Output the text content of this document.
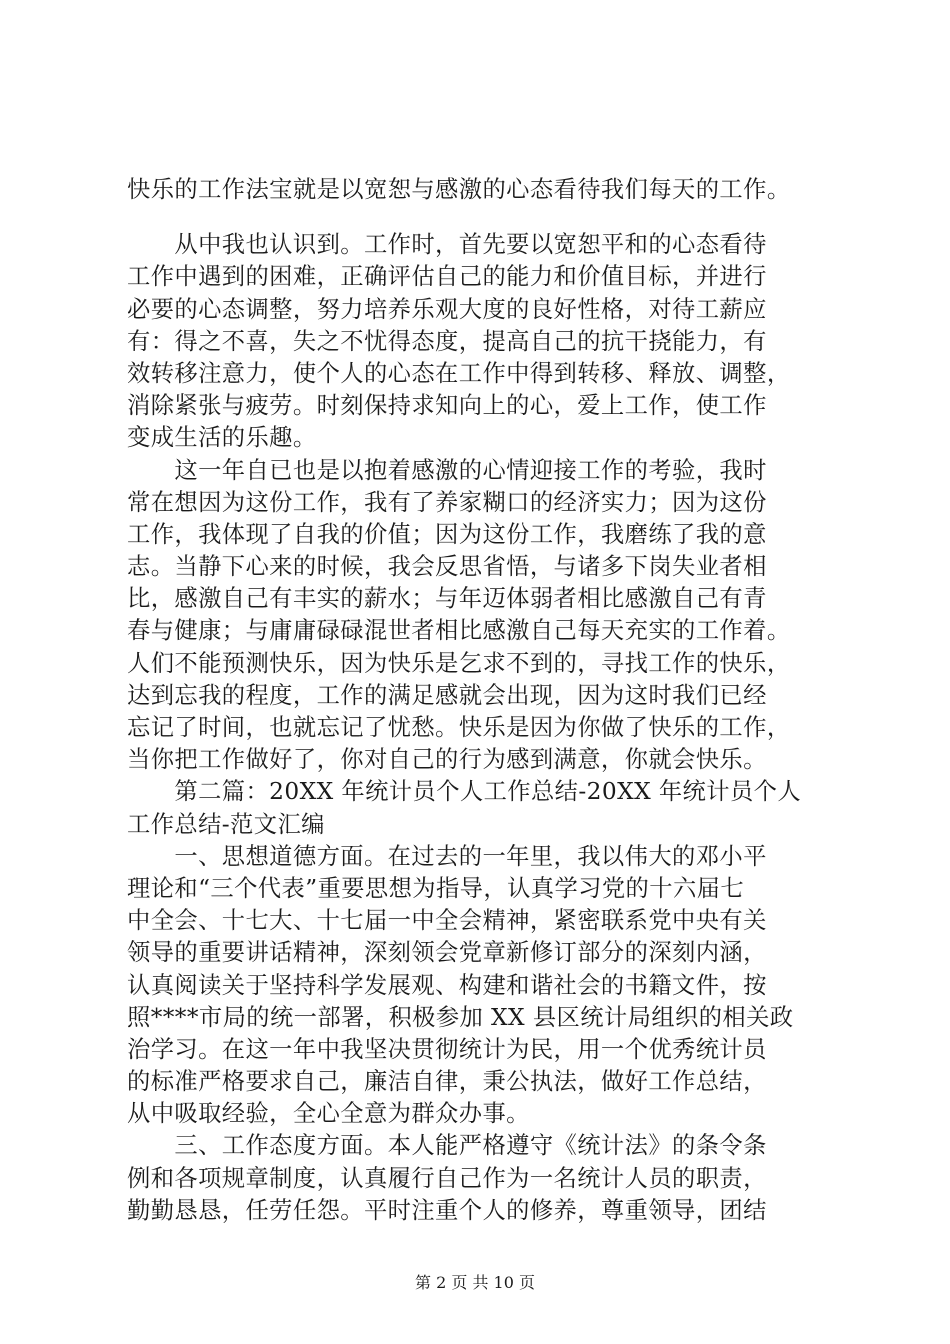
快乐的工作法宝就是以宽恕与感激的心态看待我们每天的工作。
　　从中我也认识到。工作时，首先要以宽恕平和的心态看待
工作中遇到的困难，正确评估自己的能力和价值目标，并进行
必要的心态调整，努力培养乐观大度的良好性格，对待工薪应
有：得之不喜，失之不忧得态度，提高自己的抗干挠能力，有
效转移注意力，使个人的心态在工作中得到转移、释放、调整，
消除紧张与疲劳。时刻保持求知向上的心，爱上工作，使工作
变成生活的乐趣。
　　这一年自已也是以抱着感激的心情迎接工作的考验，我时
常在想因为这份工作，我有了养家糊口的经济实力；因为这份
工作，我体现了自我的价值；因为这份工作，我磨练了我的意
志。当静下心来的时候，我会反思省悟，与诸多下岗失业者相
比，感激自己有丰实的薪水；与年迈体弱者相比感激自己有青
春与健康；与庸庸碌碌混世者相比感激自己每天充实的工作着。
人们不能预测快乐，因为快乐是乞求不到的，寻找工作的快乐，
达到忘我的程度，工作的满足感就会出现，因为这时我们已经
忘记了时间，也就忘记了忧愁。快乐是因为你做了快乐的工作，
当你把工作做好了，你对自己的行为感到满意，你就会快乐。
　　第二篇：20XX 年统计员个人工作总结-20XX 年统计员个人
工作总结-范文汇编
　　一、思想道德方面。在过去的一年里，我以伟大的邓小平
理论和“三个代表”重要思想为指导，认真学习党的十六届七
中全会、十七大、十七届一中全会精神，紧密联系党中央有关
领导的重要讲话精神，深刻领会党章新修订部分的深刻内涵，
认真阅读关于坚持科学发展观、构建和谐社会的书籍文件，按
照****市局的统一部署，积极参加 XX 县区统计局组织的相关政
治学习。在这一年中我坚决贯彻统计为民，用一个优秀统计员
的标准严格要求自己，廉洁自律，秉公执法，做好工作总结，
从中吸取经验，全心全意为群众办事。
　　三、工作态度方面。本人能严格遵守《统计法》的条令条
例和各项规章制度，认真履行自己作为一名统计人员的职责，
勤勤恳恳，任劳任怨。平时注重个人的修养，尊重领导，团结
第 2 页 共 10 页
